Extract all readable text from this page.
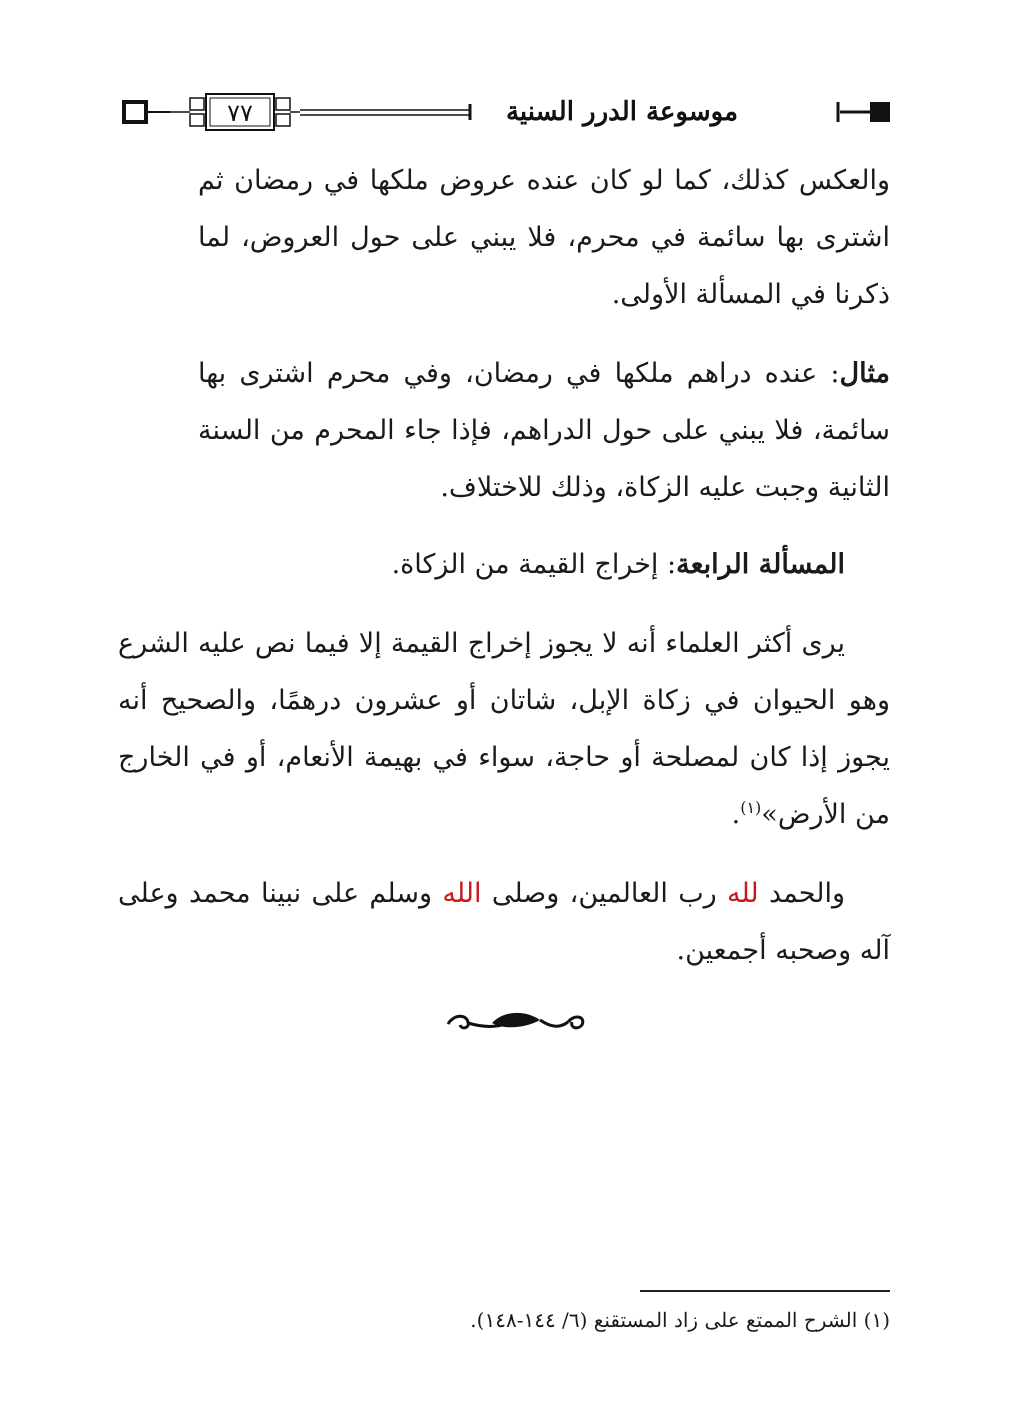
موسوعة الدرر السنية
٧٧

والعكس كذلك، كما لو كان عنده عروض ملكها في رمضان ثم اشترى بها سائمة في محرم، فلا يبني على حول العروض، لما ذكرنا في المسألة الأولى.

مثال: عنده دراهم ملكها في رمضان، وفي محرم اشترى بها سائمة، فلا يبني على حول الدراهم، فإذا جاء المحرم من السنة الثانية وجبت عليه الزكاة، وذلك للاختلاف.

المسألة الرابعة: إخراج القيمة من الزكاة.

يرى أكثر العلماء أنه لا يجوز إخراج القيمة إلا فيما نص عليه الشرع وهو الحيوان في زكاة الإبل، شاتان أو عشرون درهمًا، والصحيح أنه يجوز إذا كان لمصلحة أو حاجة، سواء في بهيمة الأنعام، أو في الخارج من الأرض»$^{(١)}$.

والحمد لله رب العالمين، وصلى الله وسلم على نبينا محمد وعلى آله وصحبه أجمعين.

(١) الشرح الممتع على زاد المستقنع (٦/ ١٤٤-١٤٨).
